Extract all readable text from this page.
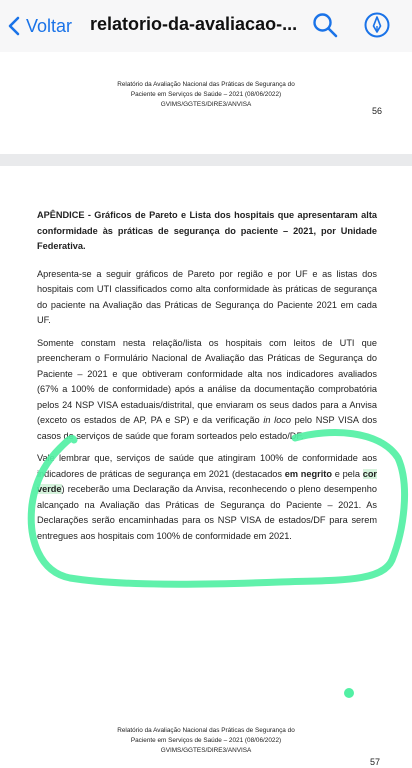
Voltar relatorio-da-avaliacao-...
Relatório da Avaliação Nacional das Práticas de Segurança do
Paciente em Serviços de Saúde – 2021 (08/06/2022)
GVIMS/GGTES/DIRE3/ANVISA
56

APÊNDICE - Gráficos de Pareto e Lista dos hospitais que apresentaram alta conformidade às práticas de segurança do paciente – 2021, por Unidade Federativa.

Apresenta-se a seguir gráficos de Pareto por região e por UF e as listas dos hospitais com UTI classificados como alta conformidade às práticas de segurança do paciente na Avaliação das Práticas de Segurança do Paciente 2021 em cada UF.

Somente constam nesta relação/lista os hospitais com leitos de UTI que preencheram o Formulário Nacional de Avaliação das Práticas de Segurança do Paciente – 2021 e que obtiveram conformidade alta nos indicadores avaliados (67% a 100% de conformidade) após a análise da documentação comprobatória pelos 24 NSP VISA estaduais/distrital, que enviaram os seus dados para a Anvisa (exceto os estados de AP, PA e SP) e da verificação in loco pelo NSP VISA dos casos de serviços de saúde que foram sorteados pelo estado/DF.

Vale lembrar que, serviços de saúde que atingiram 100% de conformidade aos indicadores de práticas de segurança em 2021 (destacados em negrito e pela cor verde) receberão uma Declaração da Anvisa, reconhecendo o pleno desempenho alcançado na Avaliação das Práticas de Segurança do Paciente – 2021. As Declarações serão encaminhadas para os NSP VISA de estados/DF para serem entregues aos hospitais com 100% de conformidade em 2021.

Relatório da Avaliação Nacional das Práticas de Segurança do
Paciente em Serviços de Saúde – 2021 (08/06/2022)
GVIMS/GGTES/DIRE3/ANVISA
57
